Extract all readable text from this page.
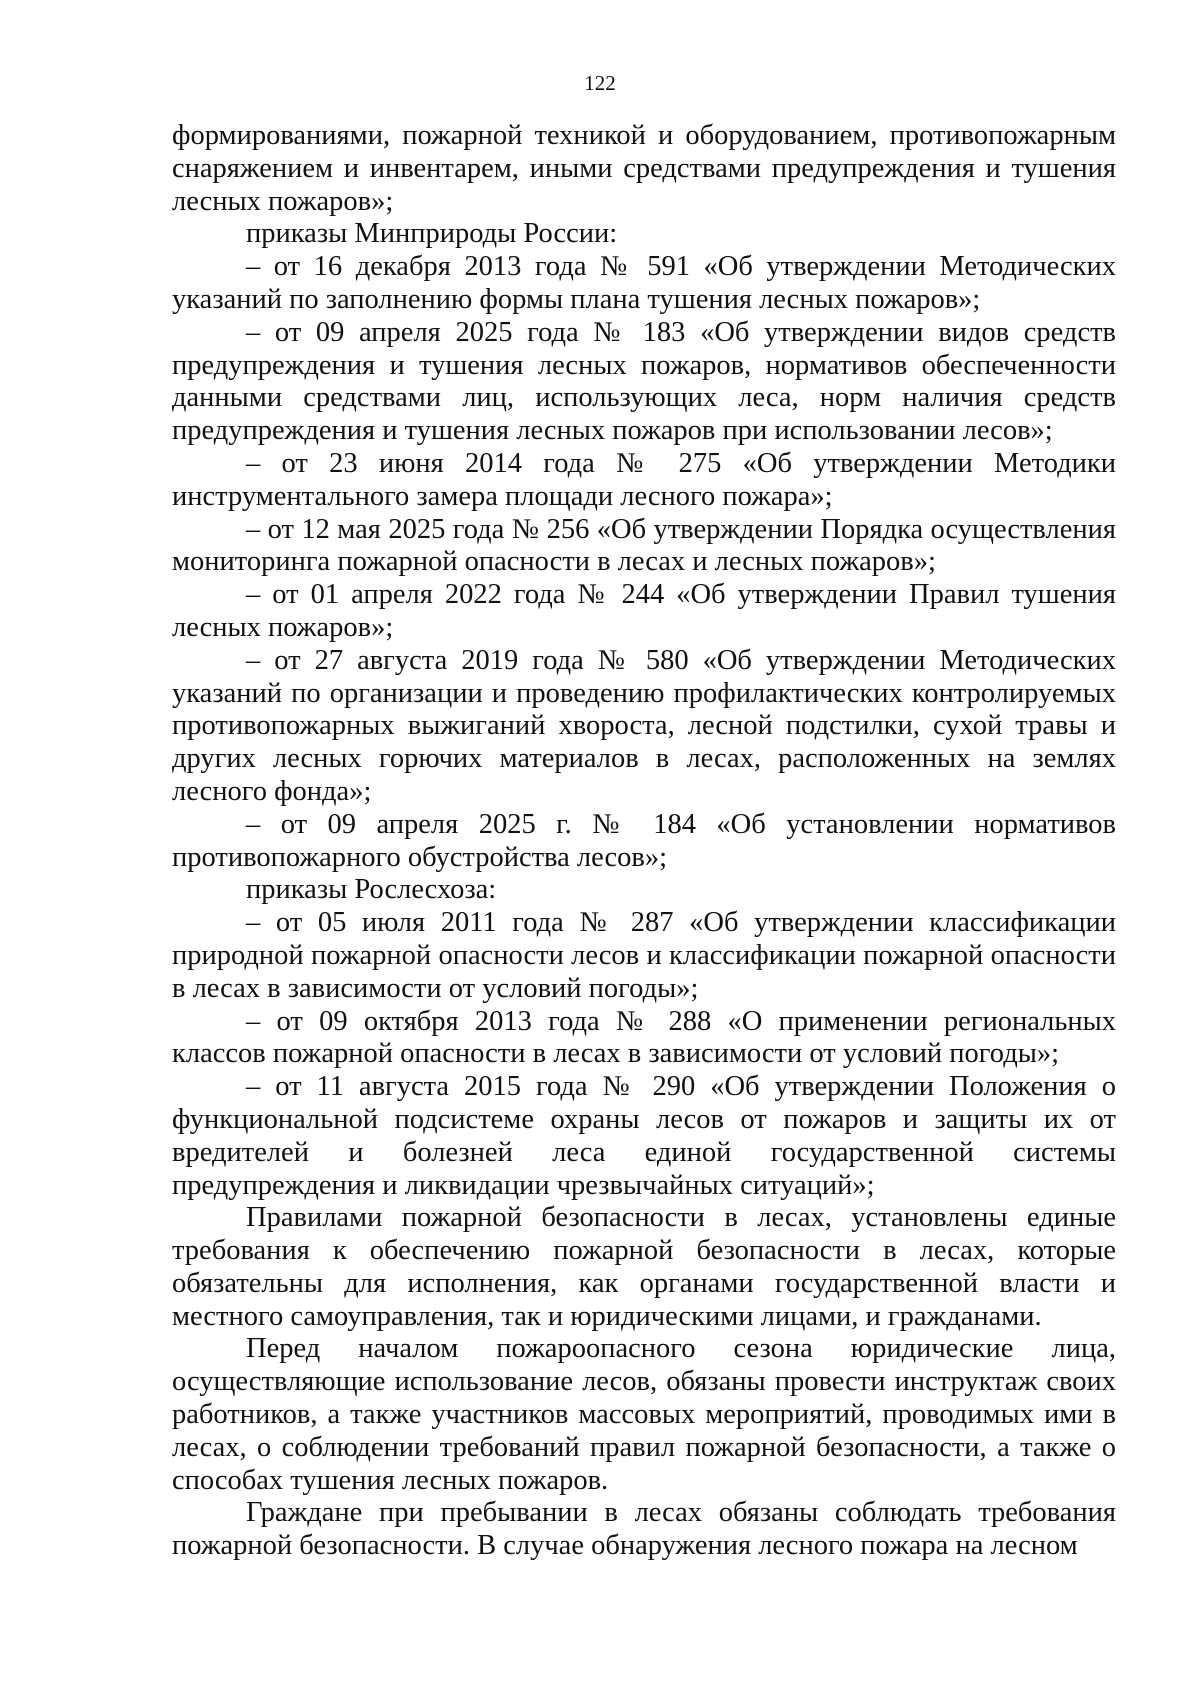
122

формированиями, пожарной техникой и оборудованием, противопожарным снаряжением и инвентарем, иными средствами предупреждения и тушения лесных пожаров»;

приказы Минприроды России:

– от 16 декабря 2013 года № 591 «Об утверждении Методических указаний по заполнению формы плана тушения лесных пожаров»;

– от 09 апреля 2025 года № 183 «Об утверждении видов средств предупреждения и тушения лесных пожаров, нормативов обеспеченности данными средствами лиц, использующих леса, норм наличия средств предупреждения и тушения лесных пожаров при использовании лесов»;

– от 23 июня 2014 года № 275 «Об утверждении Методики инструментального замера площади лесного пожара»;

– от 12 мая 2025 года № 256 «Об утверждении Порядка осуществления мониторинга пожарной опасности в лесах и лесных пожаров»;

– от 01 апреля 2022 года № 244 «Об утверждении Правил тушения лесных пожаров»;

– от 27 августа 2019 года № 580 «Об утверждении Методических указаний по организации и проведению профилактических контролируемых противопожарных выжиганий хвороста, лесной подстилки, сухой травы и других лесных горючих материалов в лесах, расположенных на землях лесного фонда»;

– от 09 апреля 2025 г. № 184 «Об установлении нормативов противопожарного обустройства лесов»;

приказы Рослесхоза:

– от 05 июля 2011 года № 287 «Об утверждении классификации природной пожарной опасности лесов и классификации пожарной опасности в лесах в зависимости от условий погоды»;

– от 09 октября 2013 года № 288 «О применении региональных классов пожарной опасности в лесах в зависимости от условий погоды»;

– от 11 августа 2015 года № 290 «Об утверждении Положения о функциональной подсистеме охраны лесов от пожаров и защиты их от вредителей и болезней леса единой государственной системы предупреждения и ликвидации чрезвычайных ситуаций»;

Правилами пожарной безопасности в лесах, установлены единые требования к обеспечению пожарной безопасности в лесах, которые обязательны для исполнения, как органами государственной власти и местного самоуправления, так и юридическими лицами, и гражданами.

Перед началом пожароопасного сезона юридические лица, осуществляющие использование лесов, обязаны провести инструктаж своих работников, а также участников массовых мероприятий, проводимых ими в лесах, о соблюдении требований правил пожарной безопасности, а также о способах тушения лесных пожаров.

Граждане при пребывании в лесах обязаны соблюдать требования пожарной безопасности. В случае обнаружения лесного пожара на лесном
